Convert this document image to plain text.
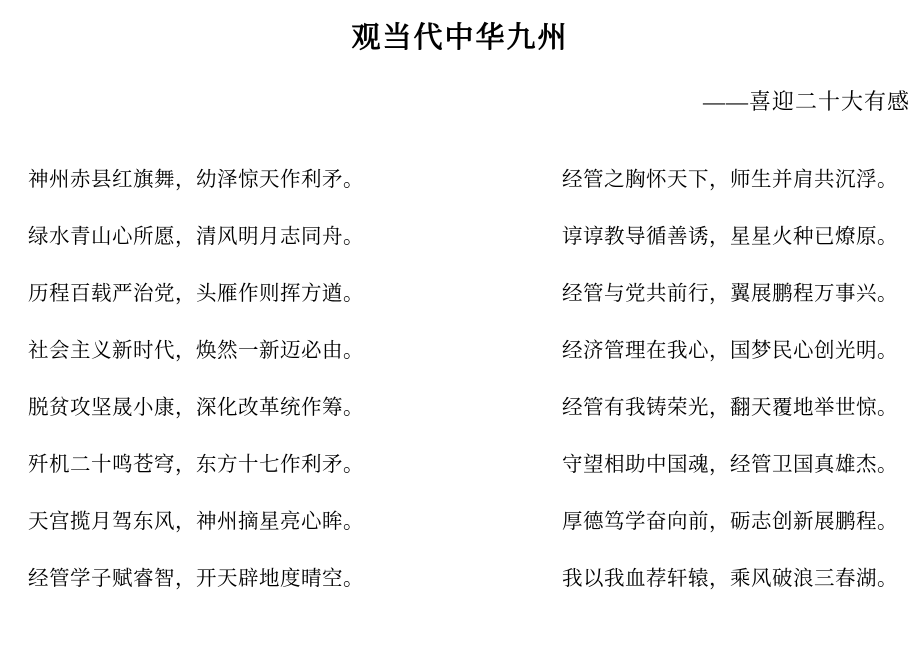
观当代中华九州
——喜迎二十大有感
神州赤县红旗舞，幼泽惊天作利矛。
绿水青山心所愿，清风明月志同舟。
历程百载严治党，头雁作则挥方遒。
社会主义新时代，焕然一新迈必由。
脱贫攻坚晟小康，深化改革统作筹。
歼机二十鸣苍穹，东方十七作利矛。
天宫揽月驾东风，神州摘星亮心眸。
经管学子赋睿智，开天辟地度晴空。
经管之胸怀天下，师生并肩共沉浮。
谆谆教导循善诱，星星火种已燎原。
经管与党共前行，翼展鹏程万事兴。
经济管理在我心，国梦民心创光明。
经管有我铸荣光，翻天覆地举世惊。
守望相助中国魂，经管卫国真雄杰。
厚德笃学奋向前，砺志创新展鹏程。
我以我血荐轩辕，乘风破浪三春湖。
